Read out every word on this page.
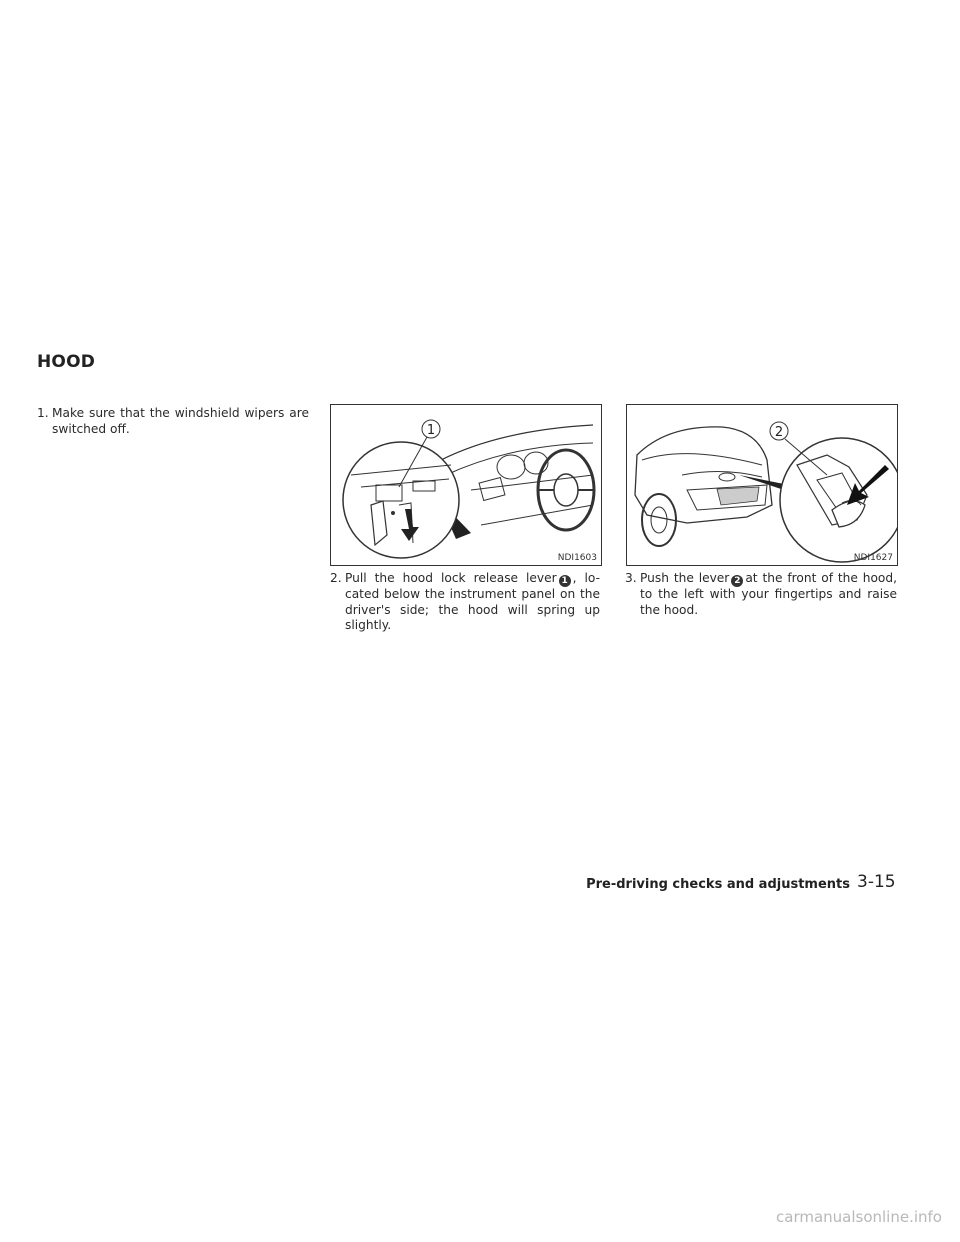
HOOD
1. Make sure that the windshield wipers are switched off.	1
NDI1603
2
NDI1627
2. Pull the hood lock release lever 1 , lo-cated below the instrument panel on the driver's side; the hood will spring up slightly.
3. Push the lever 2 at the front of the hood, to the left with your fingertips and raise the hood.
Pre-driving checks and adjustments 3-15
carmanualsonline.info
